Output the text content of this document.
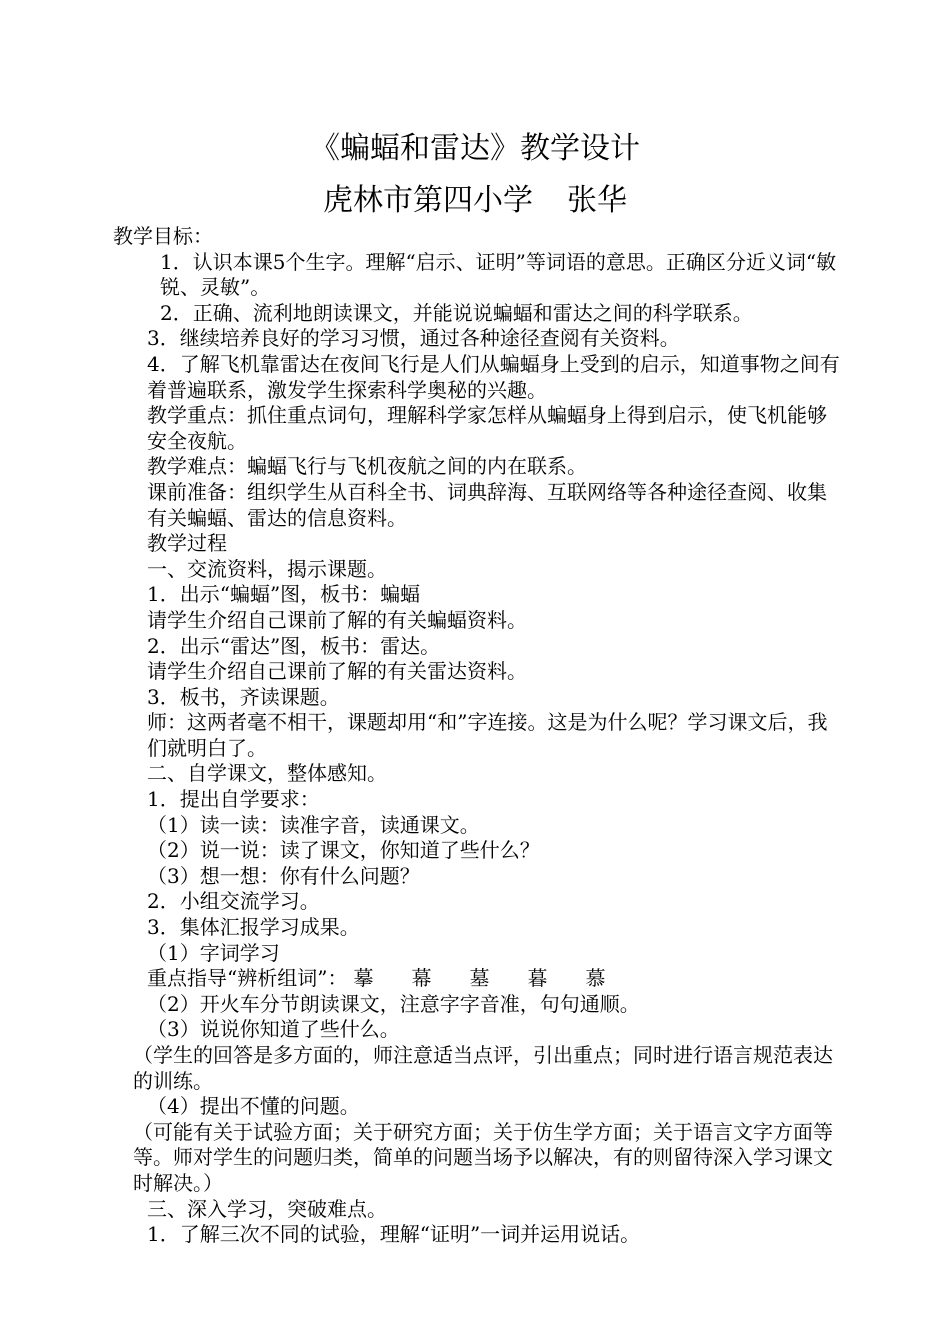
《蝙蝠和雷达》教学设计
虎林市第四小学 张华

教学目标：

1．认识本课5个生字。理解“启示、证明”等词语的意思。正确区分近义词“敏锐、灵敏”。

2．正确、流利地朗读课文，并能说说蝙蝠和雷达之间的科学联系。

3．继续培养良好的学习习惯，通过各种途径查阅有关资料。

4．了解飞机靠雷达在夜间飞行是人们从蝙蝠身上受到的启示，知道事物之间有着普遍联系，激发学生探索科学奥秘的兴趣。

教学重点：抓住重点词句，理解科学家怎样从蝙蝠身上得到启示，使飞机能够安全夜航。

教学难点：蝙蝠飞行与飞机夜航之间的内在联系。

课前准备：组织学生从百科全书、词典辞海、互联网络等各种途径查阅、收集有关蝙蝠、雷达的信息资料。

教学过程

一、交流资料，揭示课题。

1．出示“蝙蝠”图，板书：蝙蝠

请学生介绍自己课前了解的有关蝙蝠资料。

2．出示“雷达”图，板书：雷达。

请学生介绍自己课前了解的有关雷达资料。

3．板书，齐读课题。

师：这两者毫不相干，课题却用“和”字连接。这是为什么呢？学习课文后，我们就明白了。

二、自学课文，整体感知。

1．提出自学要求：

（1）读一读：读准字音，读通课文。

（2）说一说：读了课文，你知道了些什么？

（3）想一想：你有什么问题？

2．小组交流学习。

3．集体汇报学习成果。

（1）字词学习

重点指导“辨析组词”： 摹 幕 墓 暮 慕

（2）开火车分节朗读课文，注意字字音准，句句通顺。

（3）说说你知道了些什么。

（学生的回答是多方面的，师注意适当点评，引出重点；同时进行语言规范表达的训练。

（4）提出不懂的问题。

（可能有关于试验方面；关于研究方面；关于仿生学方面；关于语言文字方面等等。师对学生的问题归类，简单的问题当场予以解决，有的则留待深入学习课文时解决。）

三、深入学习，突破难点。

1．了解三次不同的试验，理解“证明”一词并运用说话。
